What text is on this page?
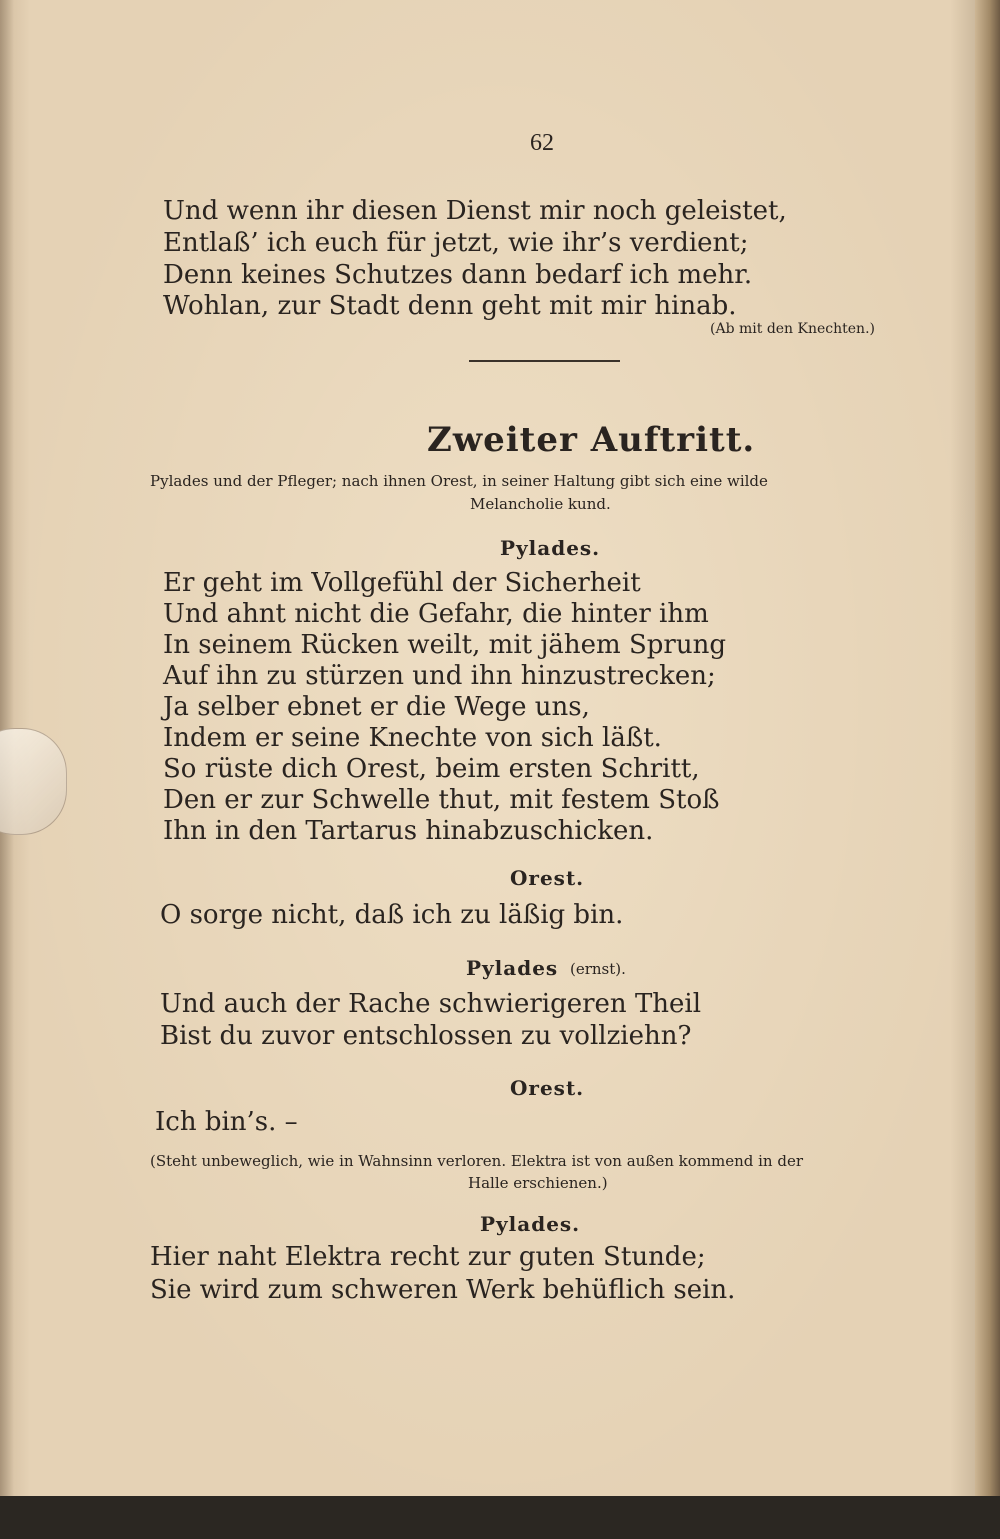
62
Und wenn ihr diesen Dienst mir noch geleistet,
Entlaß’ ich euch für jetzt, wie ihr’s verdient;
Denn keines Schutzes dann bedarf ich mehr.
Wohlan, zur Stadt denn geht mit mir hinab.
(Ab mit den Knechten.)
Zweiter Auftritt.
Pylades und der Pfleger; nach ihnen Orest, in seiner Haltung gibt sich eine wilde
Melancholie kund.
Pylades.
Er geht im Vollgefühl der Sicherheit
Und ahnt nicht die Gefahr, die hinter ihm
In seinem Rücken weilt, mit jähem Sprung
Auf ihn zu stürzen und ihn hinzustrecken;
Ja selber ebnet er die Wege uns,
Indem er seine Knechte von sich läßt.
So rüste dich Orest, beim ersten Schritt,
Den er zur Schwelle thut, mit festem Stoß
Ihn in den Tartarus hinabzuschicken.
Orest.
O sorge nicht, daß ich zu läßig bin.
Pylades (ernst).
Und auch der Rache schwierigeren Theil
Bist du zuvor entschlossen zu vollziehn?
Orest.
Ich bin’s. –
(Steht unbeweglich, wie in Wahnsinn verloren. Elektra ist von außen kommend in der
Halle erschienen.)
Pylades.
Hier naht Elektra recht zur guten Stunde;
Sie wird zum schweren Werk behüflich sein.
